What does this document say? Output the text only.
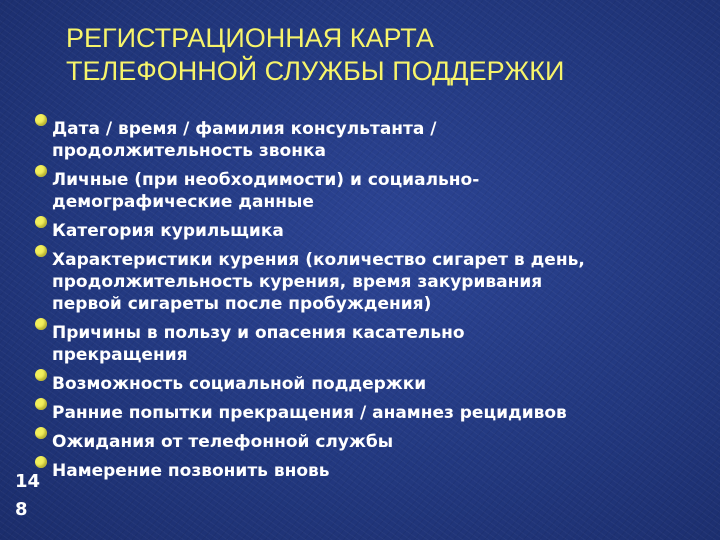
РЕГИСТРАЦИОННАЯ КАРТА
ТЕЛЕФОННОЙ СЛУЖБЫ ПОДДЕРЖКИ
Дата / время / фамилия консультанта /
продолжительность звонка
Личные (при необходимости) и социально-
демографические данные
Категория курильщика
Характеристики курения (количество сигарет в день,
продолжительность курения, время закуривания
первой сигареты после пробуждения)
Причины в пользу и опасения касательно
прекращения
Возможность социальной поддержки
Ранние попытки прекращения / анамнез рецидивов
Ожидания от телефонной службы
Намерение позвонить вновь
14
8
